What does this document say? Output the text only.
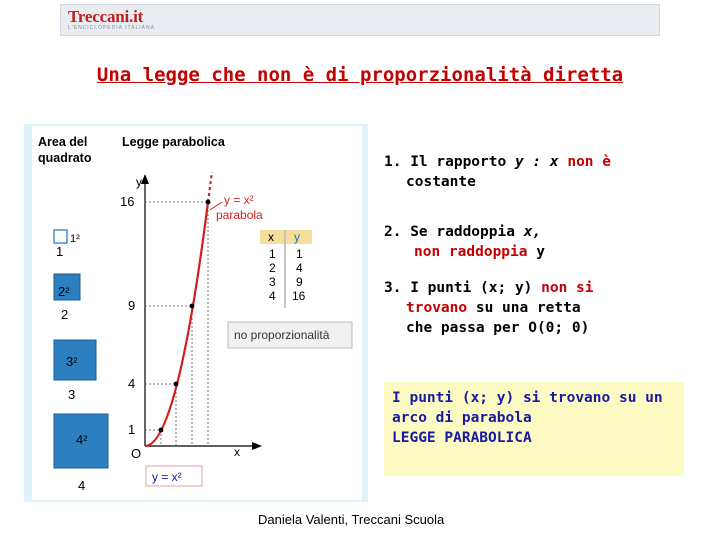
Treccani.it
L'ENCICLOPEDIA ITALIANA
Una legge che non è di proporzionalità diretta
Area del
quadrato
Legge parabolica
1²
1
2²
2
3²
3
4²
4
y
x
O
16
9
4
1
y = x²
parabola
x y
1 1
2 4
3 9
4 16
no proporzionalità
y = x²
1. Il rapporto y : x non è
costante
2. Se raddoppia x,
non raddoppia y
3. I punti (x; y) non si
trovano su una retta
che passa per O(0; 0)
I punti (x; y) si trovano su un
arco di parabola
LEGGE PARABOLICA
Daniela Valenti, Treccani Scuola
